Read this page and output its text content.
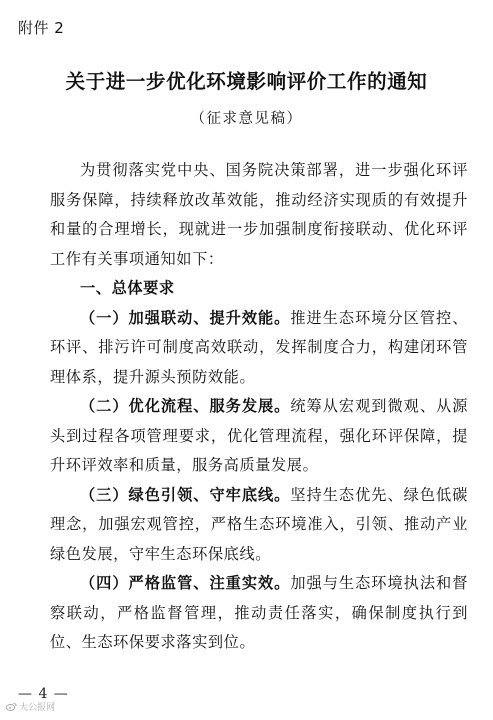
附件 2
关于进一步优化环境影响评价工作的通知
（征求意见稿）

为贯彻落实党中央、国务院决策部署，进一步强化环评服务保障，持续释放改革效能，推动经济实现质的有效提升和量的合理增长，现就进一步加强制度衔接联动、优化环评工作有关事项通知如下：

一、总体要求

（一）加强联动、提升效能。推进生态环境分区管控、环评、排污许可制度高效联动，发挥制度合力，构建闭环管理体系，提升源头预防效能。

（二）优化流程、服务发展。统筹从宏观到微观、从源头到过程各项管理要求，优化管理流程，强化环评保障，提升环评效率和质量，服务高质量发展。

（三）绿色引领、守牢底线。坚持生态优先、绿色低碳理念，加强宏观管控，严格生态环境准入，引领、推动产业绿色发展，守牢生态环保底线。

（四）严格监管、注重实效。加强与生态环境执法和督察联动，严格监督管理，推动责任落实，确保制度执行到位、生态环保要求落实到位。

— 4 —
大公报网
